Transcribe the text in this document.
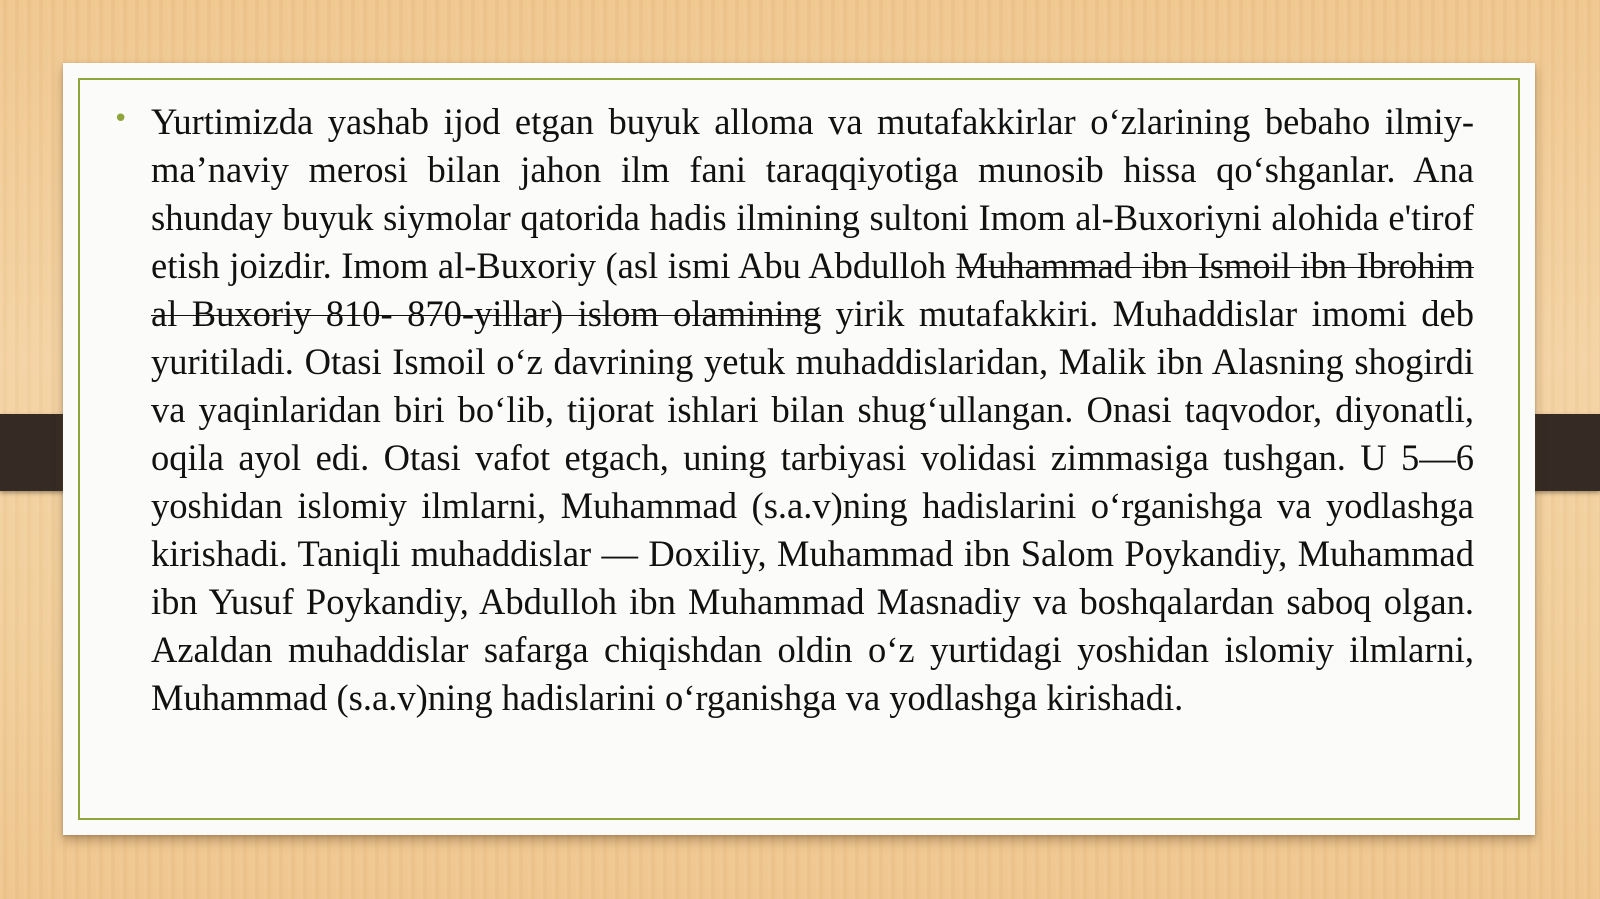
• Yurtimizda yashab ijod etgan buyuk alloma va mutafakkirlar o‘zlarining bebaho ilmiy-ma’naviy merosi bilan jahon ilm fani taraqqiyotiga munosib hissa qo‘shganlar. Ana shunday buyuk siymolar qatorida hadis ilmining sultoni Imom al-Buxoriyni alohida e'tirof etish joizdir. Imom al-Buxoriy (asl ismi Abu Abdulloh Muhammad ibn Ismoil ibn Ibrohim al Buxoriy 810- 870-yillar) islom olamining yirik mutafakkiri. Muhaddislar imomi deb yuritiladi. Otasi Ismoil o‘z davrining yetuk muhaddislaridan, Malik ibn Alasning shogirdi va yaqinlaridan biri bo‘lib, tijorat ishlari bilan shug‘ullangan. Onasi taqvodor, diyonatli, oqila ayol edi. Otasi vafot etgach, uning tarbiyasi volidasi zimmasiga tushgan. U 5—6 yoshidan islomiy ilmlarni, Muhammad (s.a.v)ning hadislarini o‘rganishga va yodlashga kirishadi. Taniqli muhaddislar — Doxiliy, Muhammad ibn Salom Poykandiy, Muhammad ibn Yusuf Poykandiy, Abdulloh ibn Muhammad Masnadiy va boshqalardan saboq olgan. Azaldan muhaddislar safarga chiqishdan oldin o‘z yurtidagi yoshidan islomiy ilmlarni, Muhammad (s.a.v)ning hadislarini o‘rganishga va yodlashga kirishadi.
